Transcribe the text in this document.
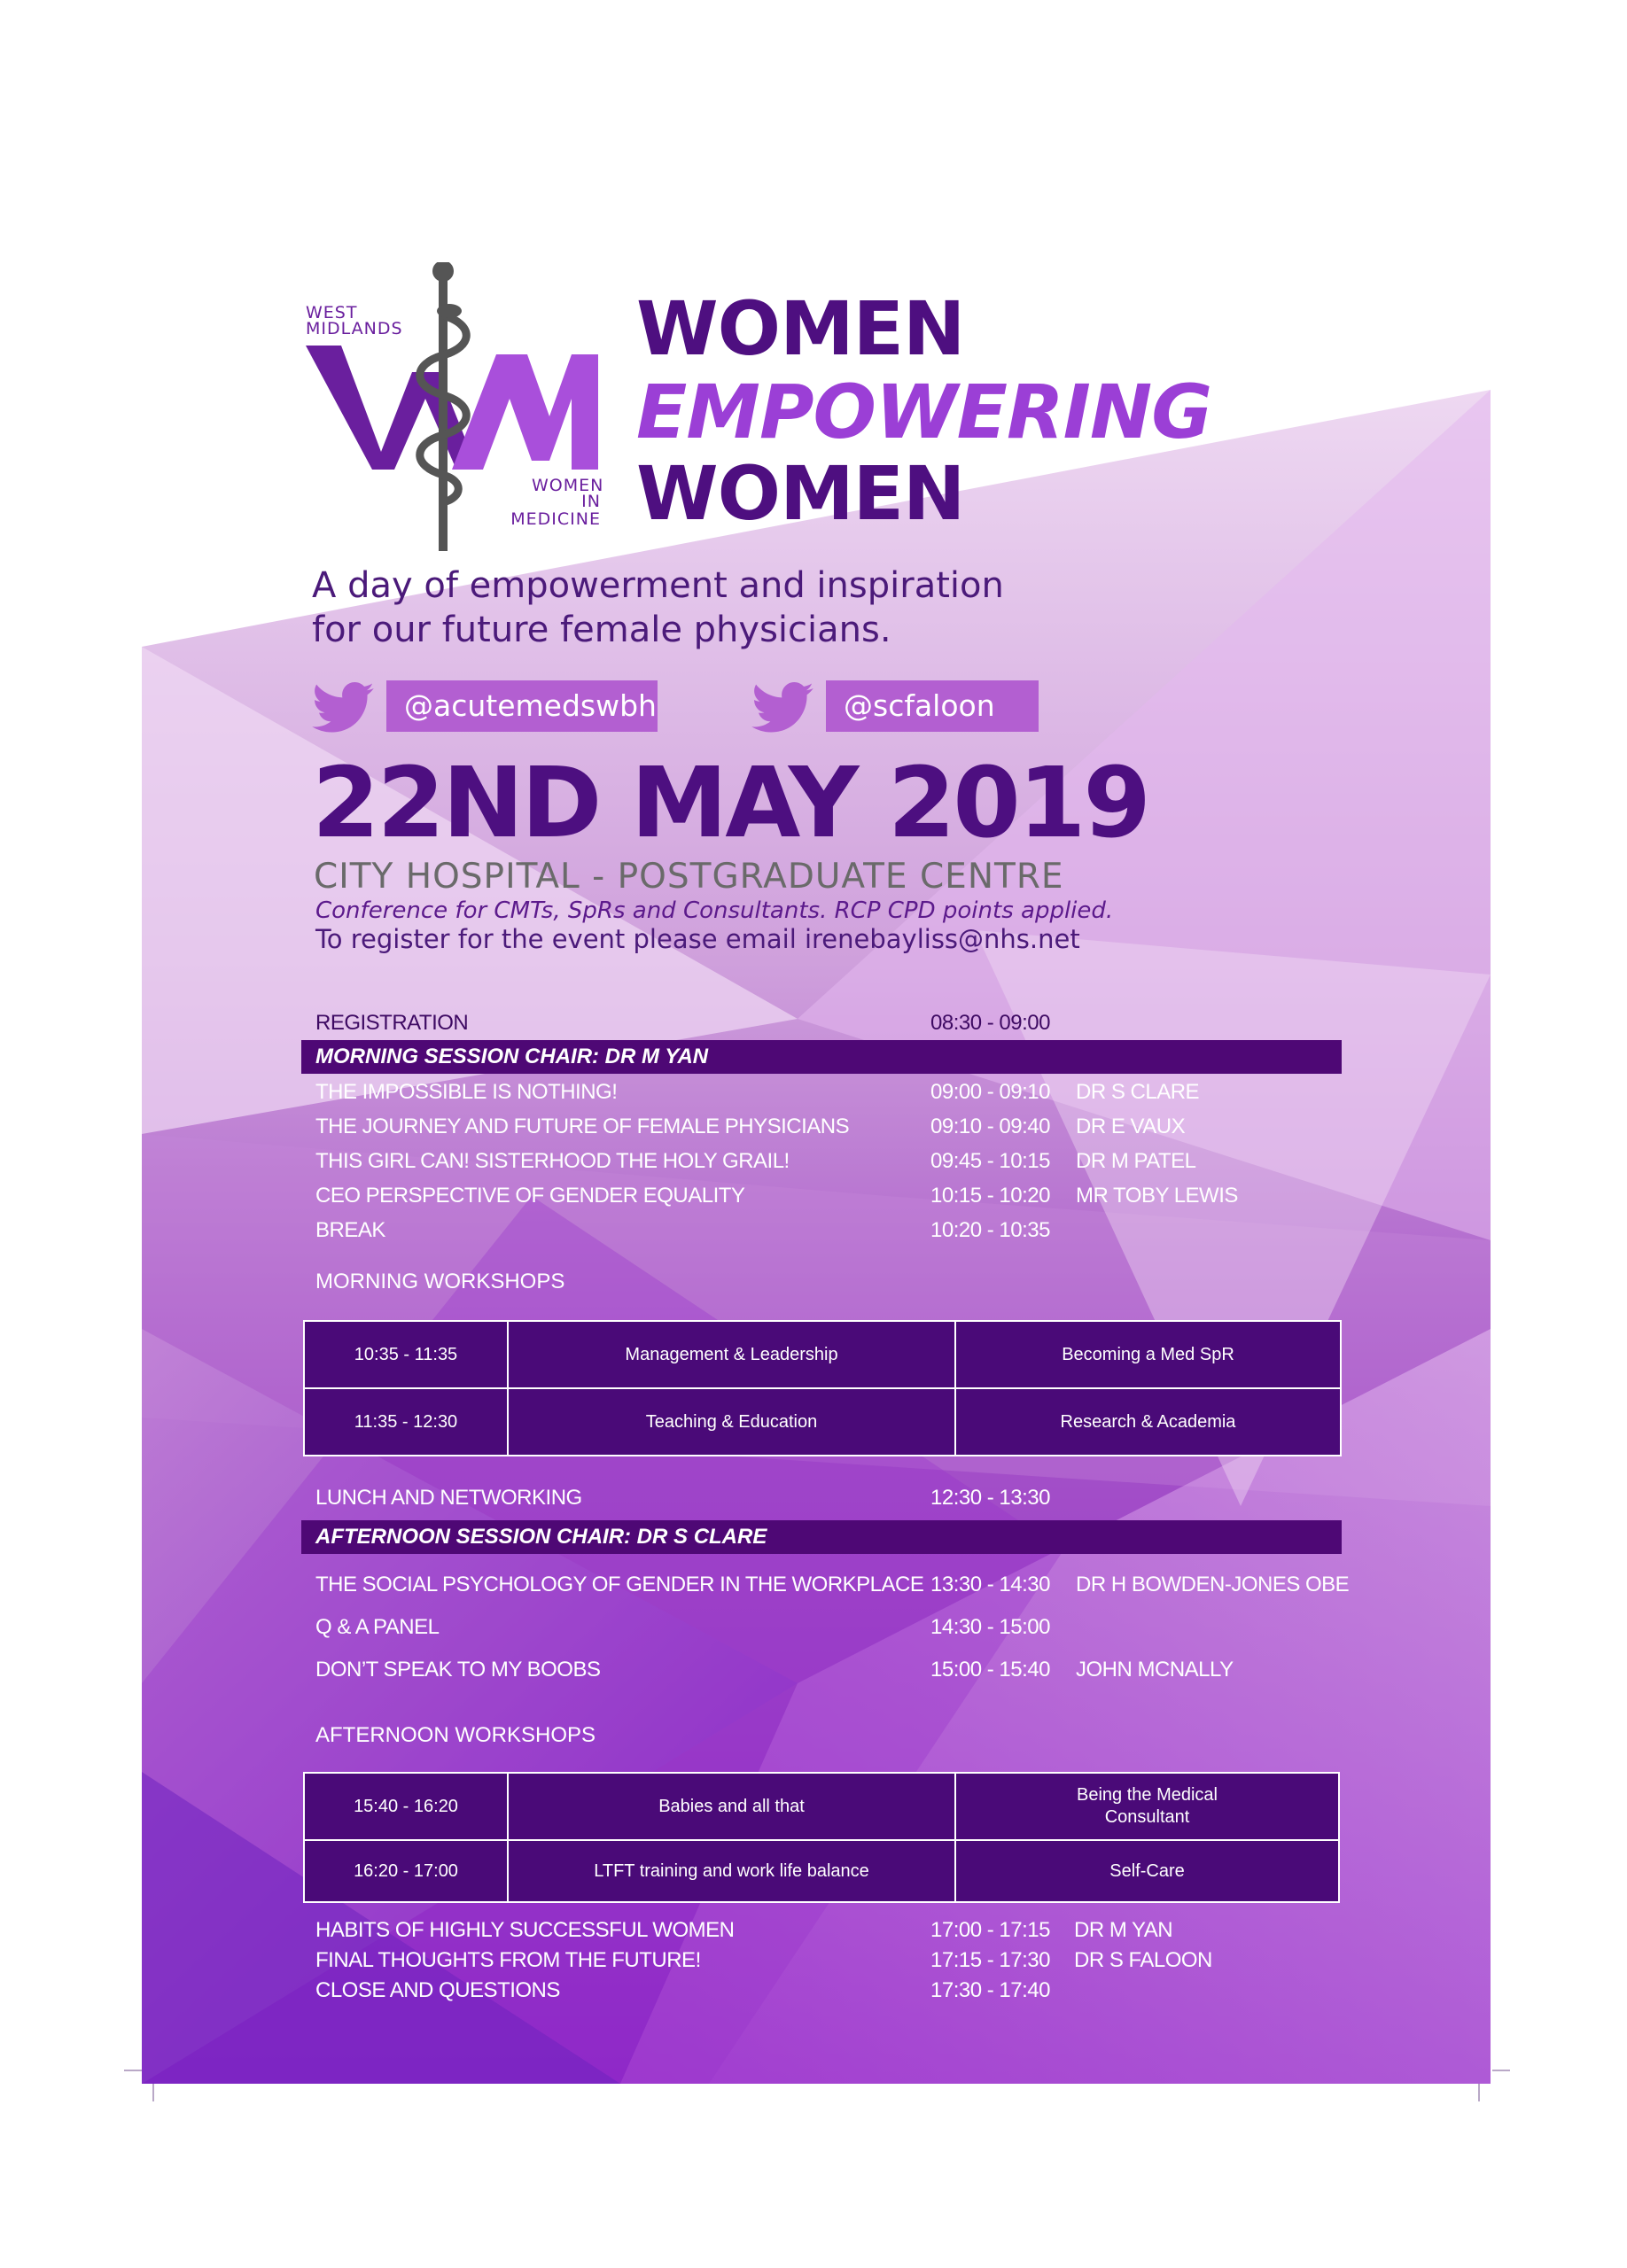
WEST
MIDLANDS
WOMEN
IN MEDICINE
WOMEN
EMPOWERING
WOMEN
A day of empowerment and inspiration
for our future female physicians.
@acutemedswbh	@scfaloon
22ND MAY 2019
CITY HOSPITAL - POSTGRADUATE CENTRE
Conference for CMTs, SpRs and Consultants. RCP CPD points applied.
To register for the event please email irenebayliss@nhs.net
REGISTRATION	08:30 - 09:00
MORNING SESSION CHAIR: DR M YAN
THE IMPOSSIBLE IS NOTHING!	09:00 - 09:10 DR S CLARE
THE JOURNEY AND FUTURE OF FEMALE PHYSICIANS	09:10 - 09:40 DR E VAUX
THIS GIRL CAN! SISTERHOOD THE HOLY GRAIL!	09:45 - 10:15 DR M PATEL
CEO PERSPECTIVE OF GENDER EQUALITY	10:15 - 10:20 MR TOBY LEWIS
BREAK	10:20 - 10:35
MORNING WORKSHOPS
10:35 - 11:35	Management & Leadership	Becoming a Med SpR
11:35 - 12:30	Teaching & Education	Research & Academia
LUNCH AND NETWORKING	12:30 - 13:30
AFTERNOON SESSION CHAIR: DR S CLARE
THE SOCIAL PSYCHOLOGY OF GENDER IN THE WORKPLACE 13:30 - 14:30 DR H BOWDEN-JONES OBE
Q & A PANEL	14:30 - 15:00
DON’T SPEAK TO MY BOOBS	15:00 - 15:40 JOHN MCNALLY
AFTERNOON WORKSHOPS
15:40 - 16:20	Babies and all that	Being the Medical Consultant
16:20 - 17:00	LTFT training and work life balance	Self-Care
HABITS OF HIGHLY SUCCESSFUL WOMEN	17:00 - 17:15 DR M YAN
FINAL THOUGHTS FROM THE FUTURE!	17:15 - 17:30 DR S FALOON
CLOSE AND QUESTIONS	17:30 - 17:40
